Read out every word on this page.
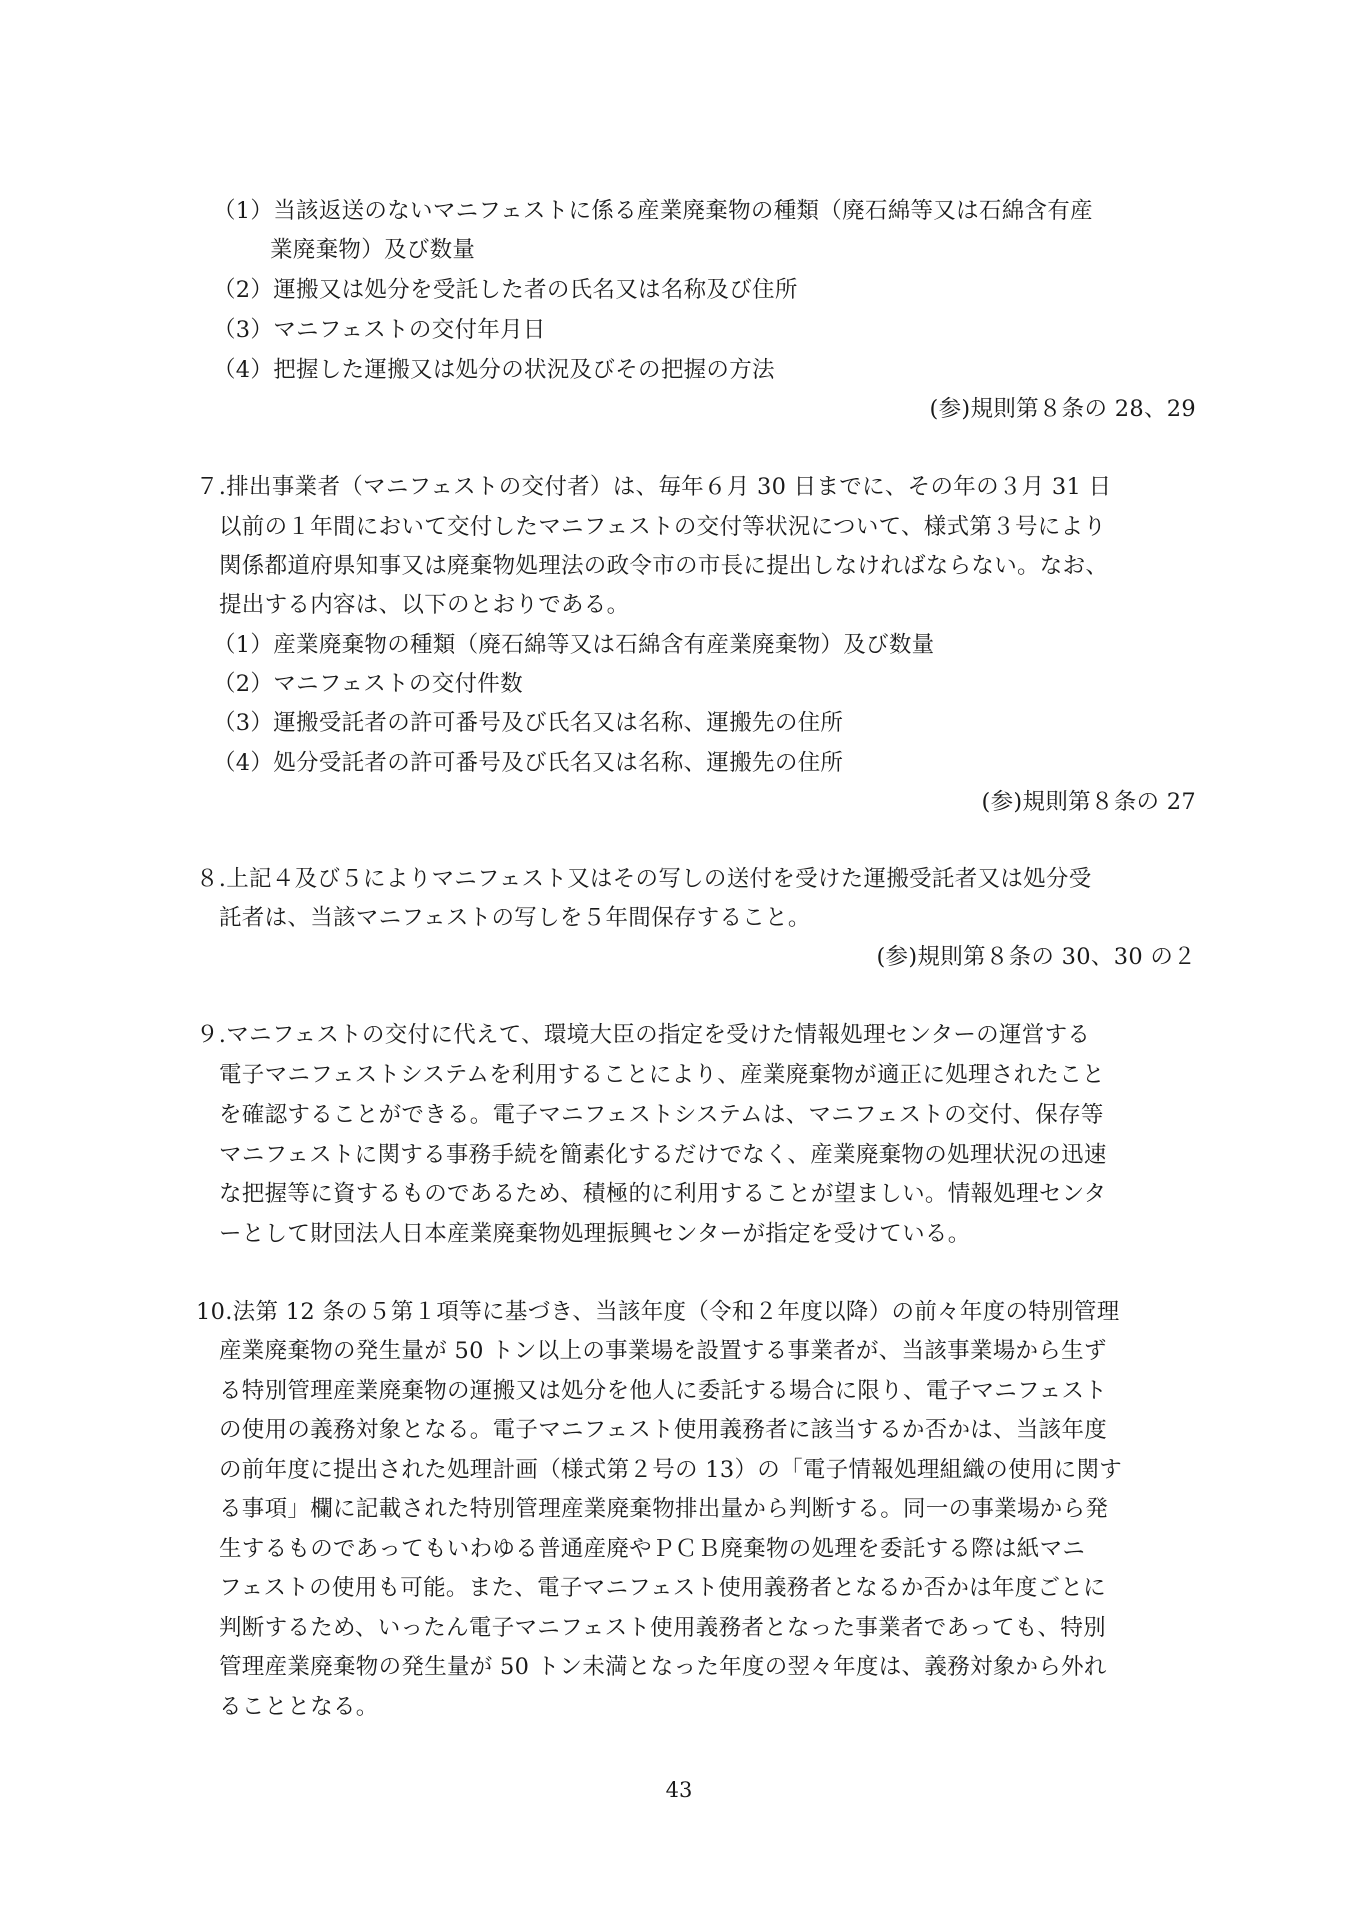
（1）当該返送のないマニフェストに係る産業廃棄物の種類（廃石綿等又は石綿含有産
業廃棄物）及び数量
（2）運搬又は処分を受託した者の氏名又は名称及び住所
（3）マニフェストの交付年月日
（4）把握した運搬又は処分の状況及びその把握の方法
(参)規則第８条の 28、29
７.排出事業者（マニフェストの交付者）は、毎年６月 30 日までに、その年の３月 31 日
以前の１年間において交付したマニフェストの交付等状況について、様式第３号により
関係都道府県知事又は廃棄物処理法の政令市の市長に提出しなければならない。なお、
提出する内容は、以下のとおりである。
（1）産業廃棄物の種類（廃石綿等又は石綿含有産業廃棄物）及び数量
（2）マニフェストの交付件数
（3）運搬受託者の許可番号及び氏名又は名称、運搬先の住所
（4）処分受託者の許可番号及び氏名又は名称、運搬先の住所
(参)規則第８条の 27
８.上記４及び５によりマニフェスト又はその写しの送付を受けた運搬受託者又は処分受
託者は、当該マニフェストの写しを５年間保存すること。
(参)規則第８条の 30、30 の２
９.マニフェストの交付に代えて、環境大臣の指定を受けた情報処理センターの運営する
電子マニフェストシステムを利用することにより、産業廃棄物が適正に処理されたこと
を確認することができる。電子マニフェストシステムは、マニフェストの交付、保存等
マニフェストに関する事務手続を簡素化するだけでなく、産業廃棄物の処理状況の迅速
な把握等に資するものであるため、積極的に利用することが望ましい。情報処理センタ
ーとして財団法人日本産業廃棄物処理振興センターが指定を受けている。
10.法第 12 条の５第１項等に基づき、当該年度（令和２年度以降）の前々年度の特別管理
産業廃棄物の発生量が 50 トン以上の事業場を設置する事業者が、当該事業場から生ず
る特別管理産業廃棄物の運搬又は処分を他人に委託する場合に限り、電子マニフェスト
の使用の義務対象となる。電子マニフェスト使用義務者に該当するか否かは、当該年度
の前年度に提出された処理計画（様式第２号の 13）の「電子情報処理組織の使用に関す
る事項」欄に記載された特別管理産業廃棄物排出量から判断する。同一の事業場から発
生するものであってもいわゆる普通産廃やＰＣＢ廃棄物の処理を委託する際は紙マニ
フェストの使用も可能。また、電子マニフェスト使用義務者となるか否かは年度ごとに
判断するため、いったん電子マニフェスト使用義務者となった事業者であっても、特別
管理産業廃棄物の発生量が 50 トン未満となった年度の翌々年度は、義務対象から外れ
ることとなる。
43
